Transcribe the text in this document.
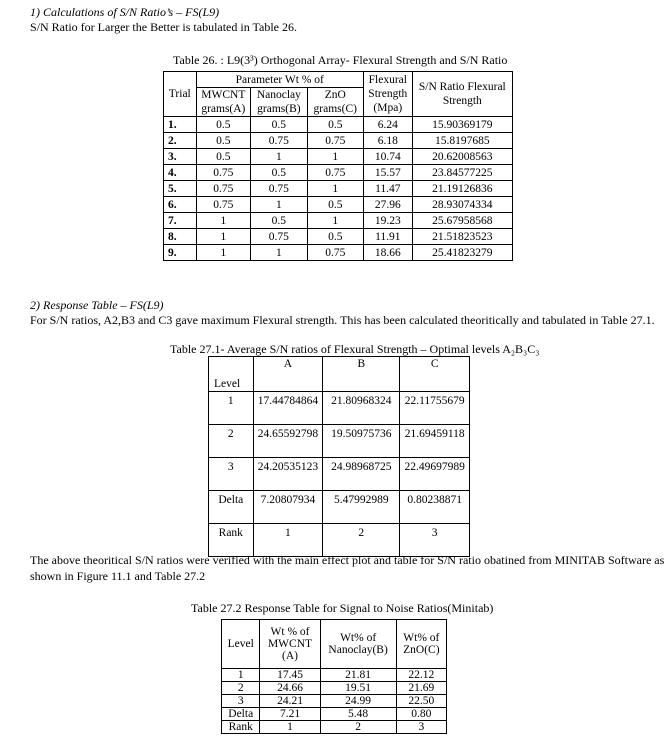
1) Calculations of S/N Ratio’s – FS(L9)
S/N Ratio for Larger the Better is tabulated in Table 26.
Table 26. : L9(3³) Orthogonal Array- Flexural Strength and S/N Ratio
Trial	Parameter Wt % of			Flexural Strength (Mpa)	S/N Ratio Flexural Strength
	MWCNT grams(A)	Nanoclay grams(B)	ZnO grams(C)		
1.	0.5	0.5	0.5	6.24	15.90369179
2.	0.5	0.75	0.75	6.18	15.8197685
3.	0.5	1	1	10.74	20.62008563
4.	0.75	0.5	0.75	15.57	23.84577225
5.	0.75	0.75	1	11.47	21.19126836
6.	0.75	1	0.5	27.96	28.93074334
7.	1	0.5	1	19.23	25.67958568
8.	1	0.75	0.5	11.91	21.51823523
9.	1	1	0.75	18.66	25.41823279
2) Response Table – FS(L9)
For S/N ratios, A2,B3 and C3 gave maximum Flexural strength. This has been calculated theoritically and tabulated in Table 27.1.
Table 27.1- Average S/N ratios of Flexural Strength – Optimal levels A₂B₃C₃
Level	A	B	C
1	17.44784864	21.80968324	22.11755679
2	24.65592798	19.50975736	21.69459118
3	24.20535123	24.98968725	22.49697989
Delta	7.20807934	5.47992989	0.80238871
Rank	1	2	3
The above theoritical S/N ratios were verified with the main effect plot and table for S/N ratio obatined from MINITAB Software as
shown in Figure 11.1 and Table 27.2
Table 27.2 Response Table for Signal to Noise Ratios(Minitab)
Level	Wt % of MWCNT (A)	Wt% of Nanoclay(B)	Wt% of ZnO(C)
1	17.45	21.81	22.12
2	24.66	19.51	21.69
3	24.21	24.99	22.50
Delta	7.21	5.48	0.80
Rank	1	2	3
